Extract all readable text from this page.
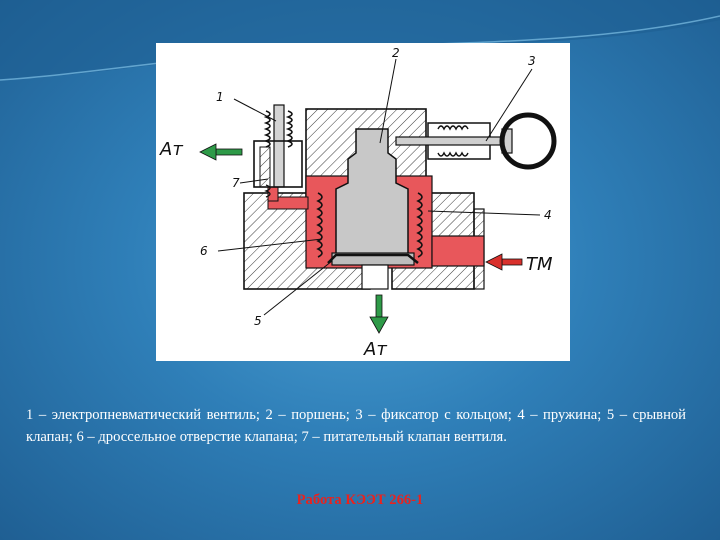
1
2
3
4
5
6
7
Ат
Ат
ТМ
1 – электропневматический вентиль; 2 – поршень; 3 – фиксатор с кольцом; 4 – пружина; 5 – срывной клапан; 6 – дроссельное отверстие клапана; 7 – питательный клапан вентиля.
Работа КЭЭТ 266-1
